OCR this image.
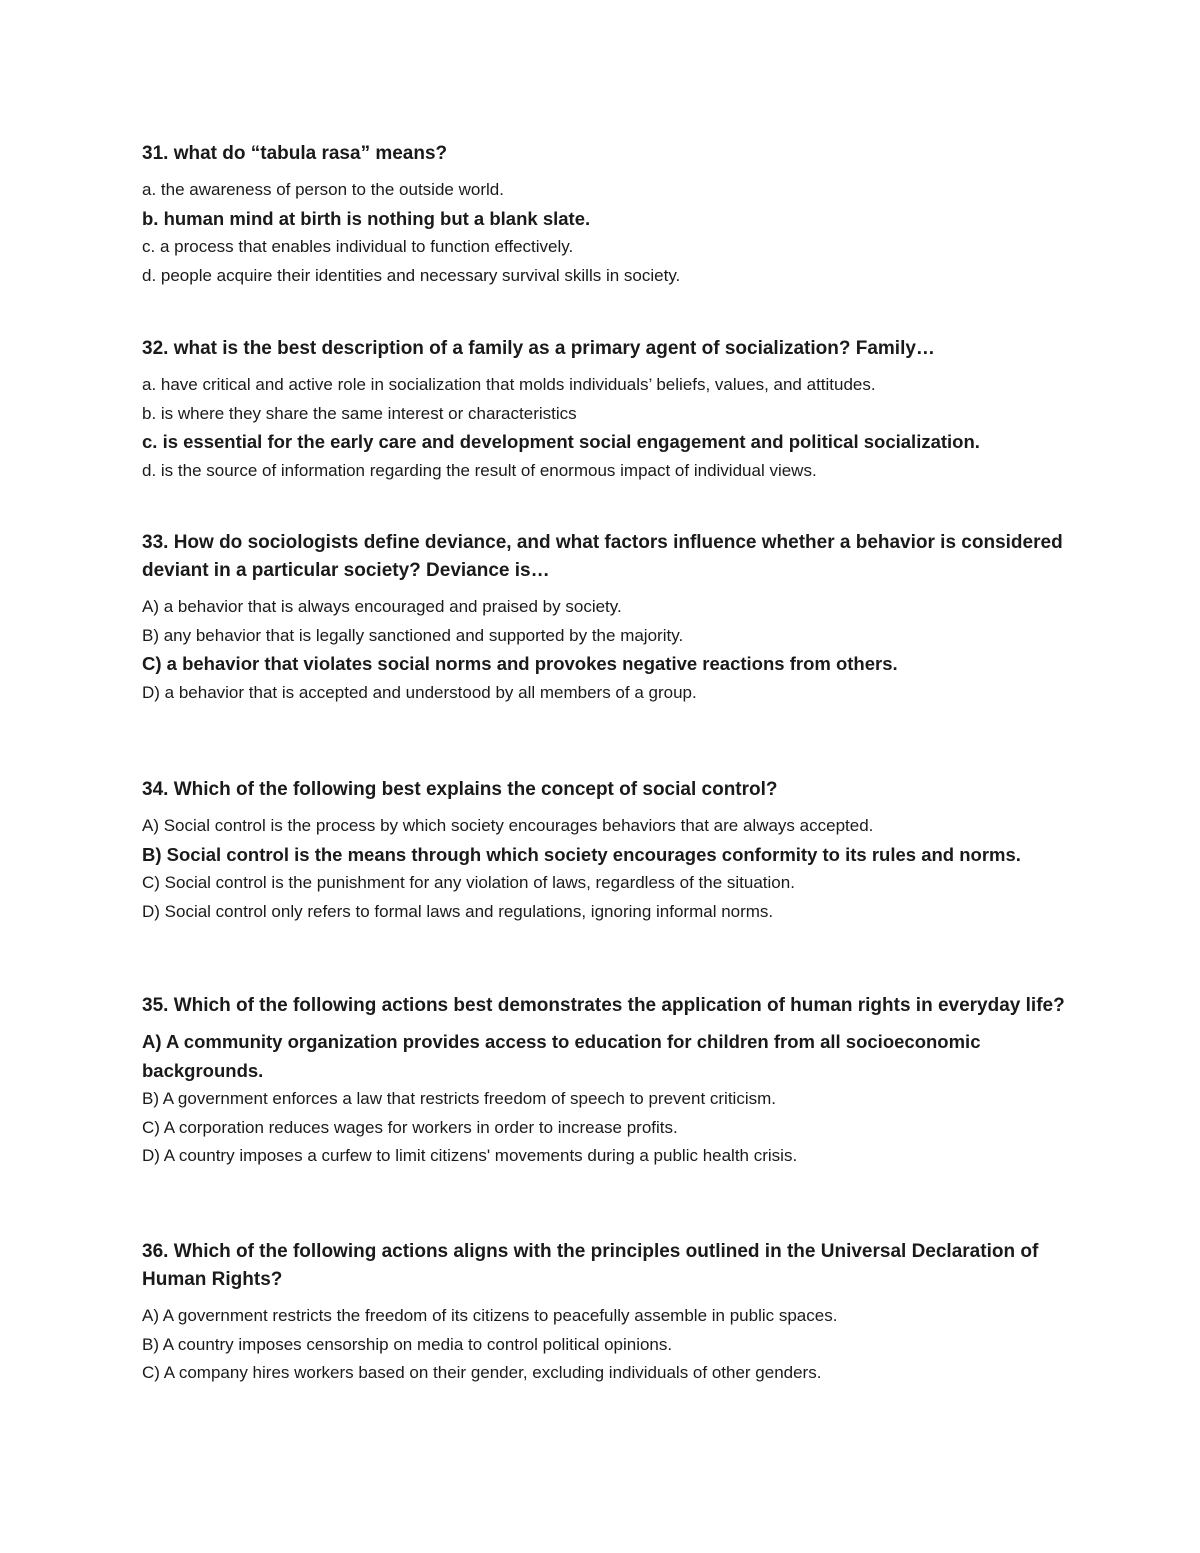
31. what do “tabula rasa” means?

a. the awareness of person to the outside world.
b. human mind at birth is nothing but a blank slate.
c. a process that enables individual to function effectively.
d. people acquire their identities and necessary survival skills in society.

32. what is the best description of a family as a primary agent of socialization? Family…

a. have critical and active role in socialization that molds individuals’ beliefs, values, and attitudes.
b. is where they share the same interest or characteristics
c. is essential for the early care and development social engagement and political socialization.
d. is the source of information regarding the result of enormous impact of individual views.

33. How do sociologists define deviance, and what factors influence whether a behavior is considered deviant in a particular society? Deviance is…

A) a behavior that is always encouraged and praised by society.
B) any behavior that is legally sanctioned and supported by the majority.
C) a behavior that violates social norms and provokes negative reactions from others.
D) a behavior that is accepted and understood by all members of a group.

34. Which of the following best explains the concept of social control?

A) Social control is the process by which society encourages behaviors that are always accepted.
B) Social control is the means through which society encourages conformity to its rules and norms.
C) Social control is the punishment for any violation of laws, regardless of the situation.
D) Social control only refers to formal laws and regulations, ignoring informal norms.

35. Which of the following actions best demonstrates the application of human rights in everyday life?

A) A community organization provides access to education for children from all socioeconomic backgrounds.
B) A government enforces a law that restricts freedom of speech to prevent criticism.
C) A corporation reduces wages for workers in order to increase profits.
D) A country imposes a curfew to limit citizens' movements during a public health crisis.

36. Which of the following actions aligns with the principles outlined in the Universal Declaration of Human Rights?

A) A government restricts the freedom of its citizens to peacefully assemble in public spaces.
B) A country imposes censorship on media to control political opinions.
C) A company hires workers based on their gender, excluding individuals of other genders.
